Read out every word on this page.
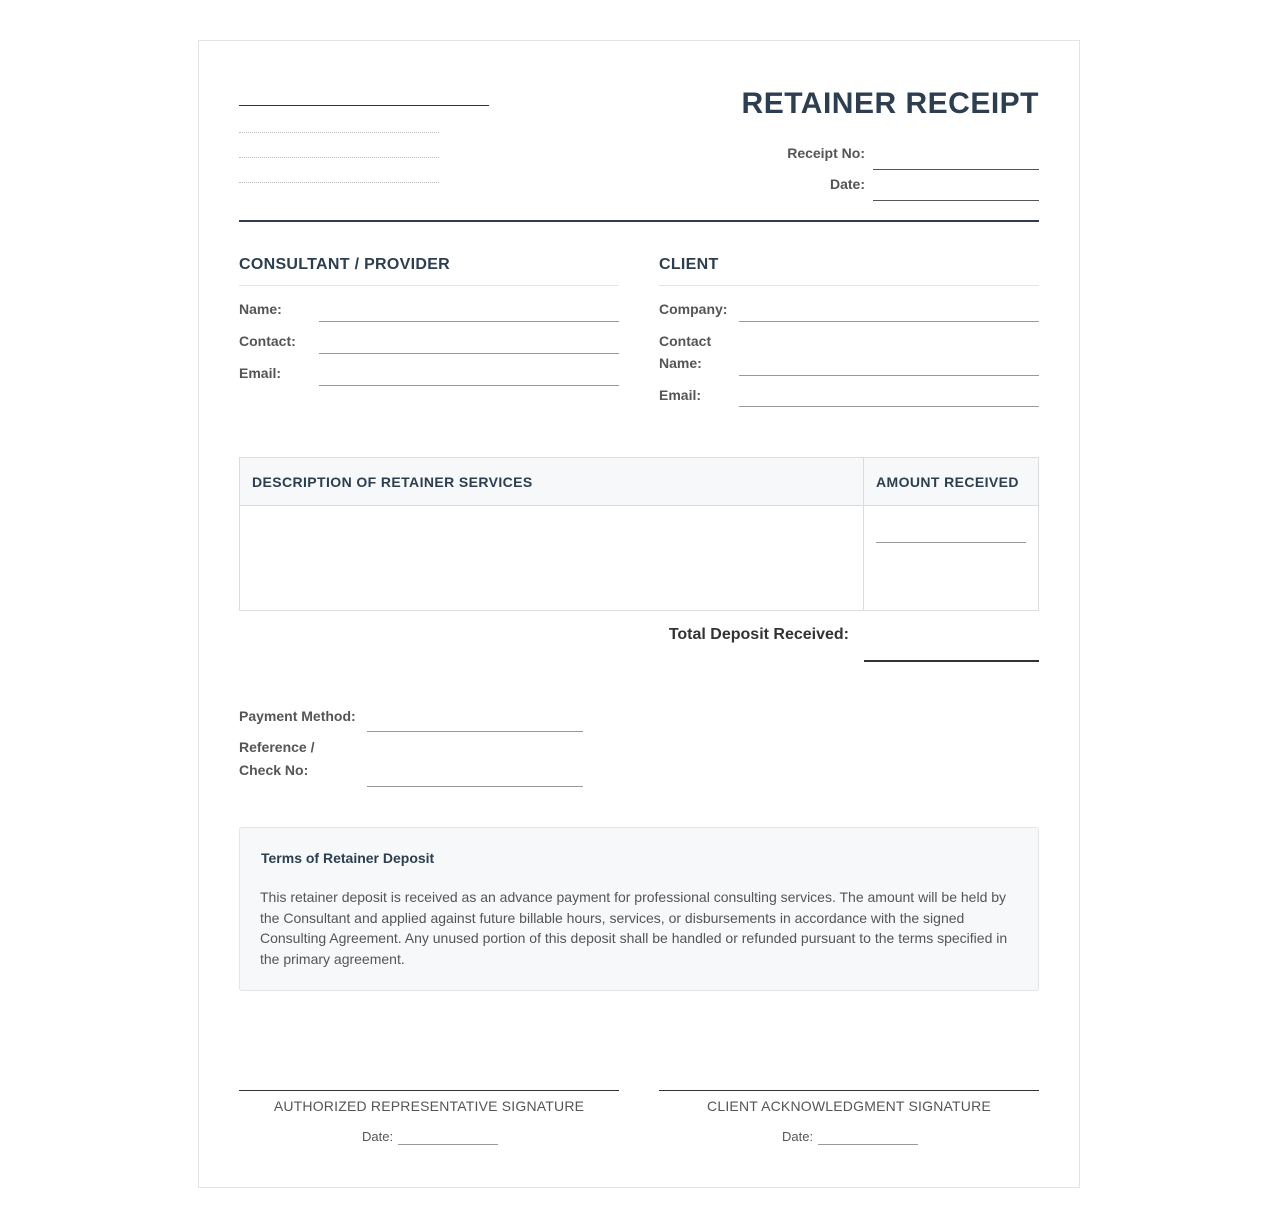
RETAINER RECEIPT
Receipt No:
Date:
CONSULTANT / PROVIDER
Name:
Contact:
Email:
CLIENT
Company:
Contact
Name:
Email:
DESCRIPTION OF RETAINER SERVICES	AMOUNT RECEIVED
Total Deposit Received:
Payment Method:
Reference /
Check No:
Terms of Retainer Deposit
This retainer deposit is received as an advance payment for professional consulting services. The amount will be held by the Consultant and applied against future billable hours, services, or disbursements in accordance with the signed Consulting Agreement. Any unused portion of this deposit shall be handled or refunded pursuant to the terms specified in the primary agreement.
AUTHORIZED REPRESENTATIVE SIGNATURE
Date:
CLIENT ACKNOWLEDGMENT SIGNATURE
Date:
